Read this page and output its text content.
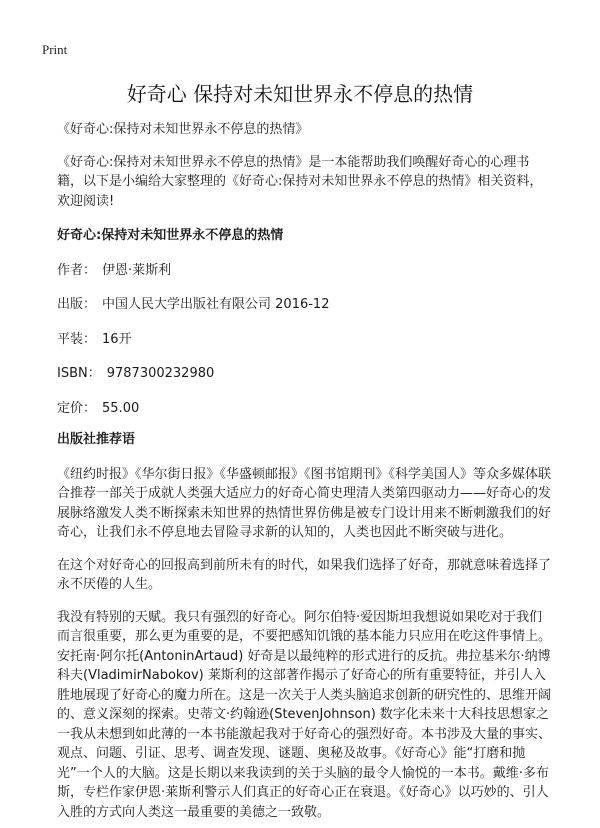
Print
好奇心 保持对未知世界永不停息的热情

《好奇心:保持对未知世界永不停息的热情》

《好奇心:保持对未知世界永不停息的热情》是一本能帮助我们唤醒好奇心的心理书籍，以下是小编给大家整理的《好奇心:保持对未知世界永不停息的热情》相关资料，欢迎阅读!

好奇心:保持对未知世界永不停息的热情

作者： 伊恩·莱斯利

出版： 中国人民大学出版社有限公司 2016-12

平装： 16开

ISBN： 9787300232980

定价： 55.00

出版社推荐语

《纽约时报》《华尔街日报》《华盛顿邮报》《图书馆期刊》《科学美国人》等众多媒体联合推荐一部关于成就人类强大适应力的好奇心简史理清人类第四驱动力——好奇心的发展脉络激发人类不断探索未知世界的热情世界仿佛是被专门设计用来不断刺激我们的好奇心，让我们永不停息地去冒险寻求新的认知的，人类也因此不断突破与进化。

在这个对好奇心的回报高到前所未有的时代，如果我们选择了好奇，那就意味着选择了永不厌倦的人生。

我没有特别的天赋。我只有强烈的好奇心。阿尔伯特·爱因斯坦我想说如果吃对于我们而言很重要，那么更为重要的是，不要把感知饥饿的基本能力只应用在吃这件事情上。安托南·阿尔托(AntoninArtaud) 好奇是以最纯粹的形式进行的反抗。弗拉基米尔·纳博科夫(VladimirNabokov) 莱斯利的这部著作揭示了好奇心的所有重要特征，并引人入胜地展现了好奇心的魔力所在。这是一次关于人类头脑追求创新的研究性的、思维开阔的、意义深刻的探索。史蒂文·约翰逊(StevenJohnson) 数字化未来十大科技思想家之一我从未想到如此薄的一本书能激起我对于好奇心的强烈好奇。本书涉及大量的事实、观点、问题、引证、思考、调查发现、谜题、奥秘及故事。《好奇心》能“打磨和抛光”一个人的大脑。这是长期以来我读到的关于头脑的最令人愉悦的一本书。戴维·多布斯，专栏作家伊恩·莱斯利警示人们真正的好奇心正在衰退。《好奇心》以巧妙的、引人入胜的方式向人类这一最重要的美德之一致敬。
